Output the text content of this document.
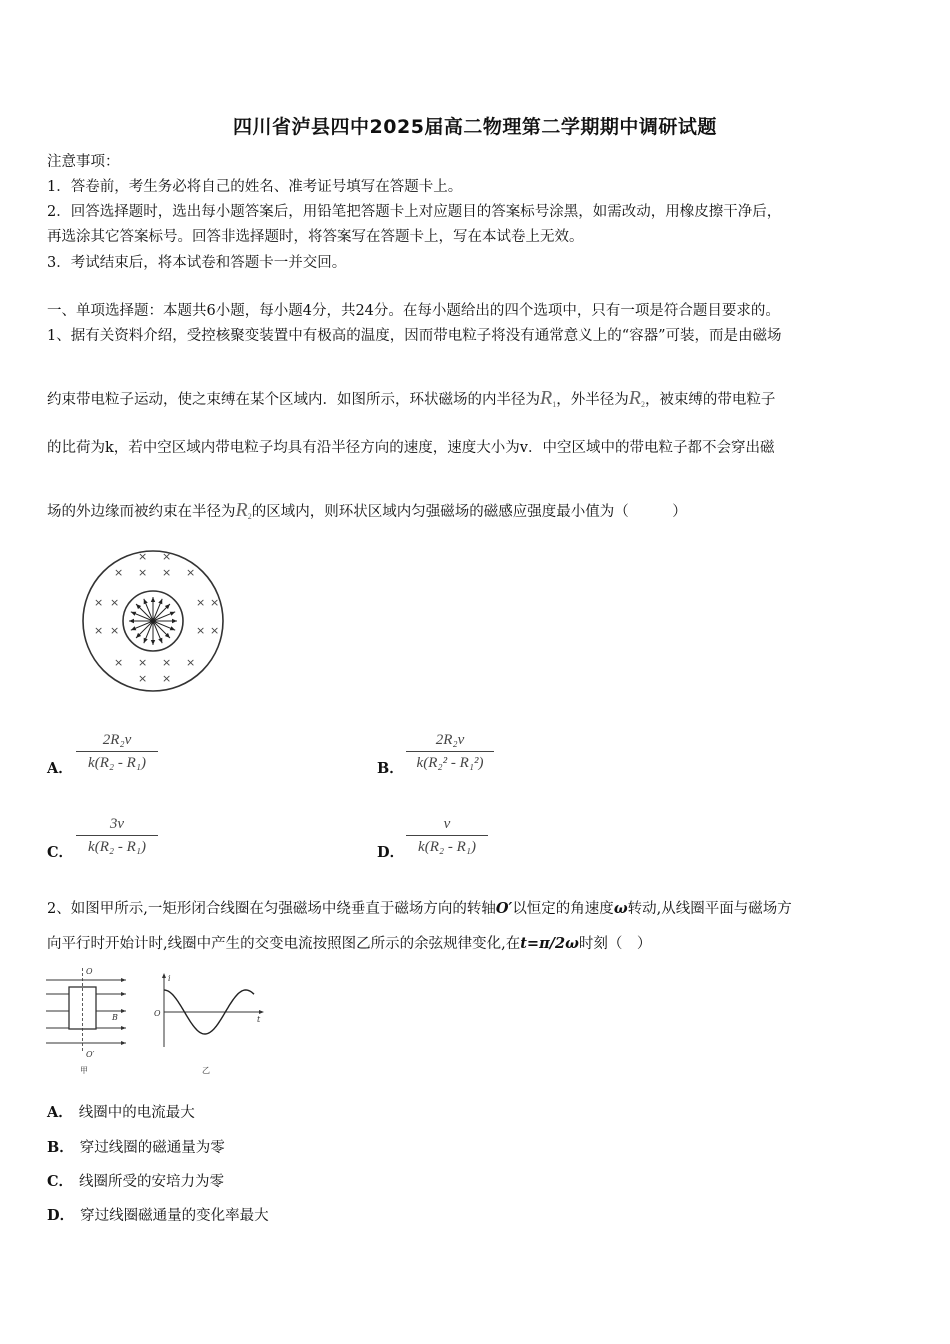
四川省泸县四中2025届高二物理第二学期期中调研试题
注意事项：
1．答卷前，考生务必将自己的姓名、准考证号填写在答题卡上。
2．回答选择题时，选出每小题答案后，用铅笔把答题卡上对应题目的答案标号涂黑，如需改动，用橡皮擦干净后，
再选涂其它答案标号。回答非选择题时，将答案写在答题卡上，写在本试卷上无效。
3．考试结束后，将本试卷和答题卡一并交回。
一、单项选择题：本题共6小题，每小题4分，共24分。在每小题给出的四个选项中，只有一项是符合题目要求的。
1、据有关资料介绍，受控核聚变装置中有极高的温度，因而带电粒子将没有通常意义上的“容器”可装，而是由磁场
约束带电粒子运动，使之束缚在某个区域内．如图所示，环状磁场的内半径为$R_1$，外半径为$R_2$，被束缚的带电粒子
的比荷为k，若中空区域内带电粒子均具有沿半径方向的速度，速度大小为v．中空区域中的带电粒子都不会穿出磁
场的外边缘而被约束在半径为$R_2$的区域内，则环状区域内匀强磁场的磁感应强度最小值为（　　　）
× ×
× × × ×
× ×	× ×
× ×	× ×
× × × ×
× ×
A． $\frac{\text{2R₂v}}{\text{k(R₂ - R₁)}}$	B． $\frac{\text{2R₂v}}{\text{k(R₂² - R₁²)}}$
C． $\frac{3v}{\text{k(R₂ - R₁)}}$	D． $\frac{v}{\text{k(R₂ - R₁)}}$
2、如图甲所示,一矩形闭合线圈在匀强磁场中绕垂直于磁场方向的转轴O′以恒定的角速度ω转动,从线圈平面与磁场方
向平行时开始计时,线圈中产生的交变电流按照图乙所示的余弦规律变化,在t=π/2ω时刻（　）
O
O′
B
甲
i
t
O
乙
A． 线圈中的电流最大
B． 穿过线圈的磁通量为零
C． 线圈所受的安培力为零
D． 穿过线圈磁通量的变化率最大
